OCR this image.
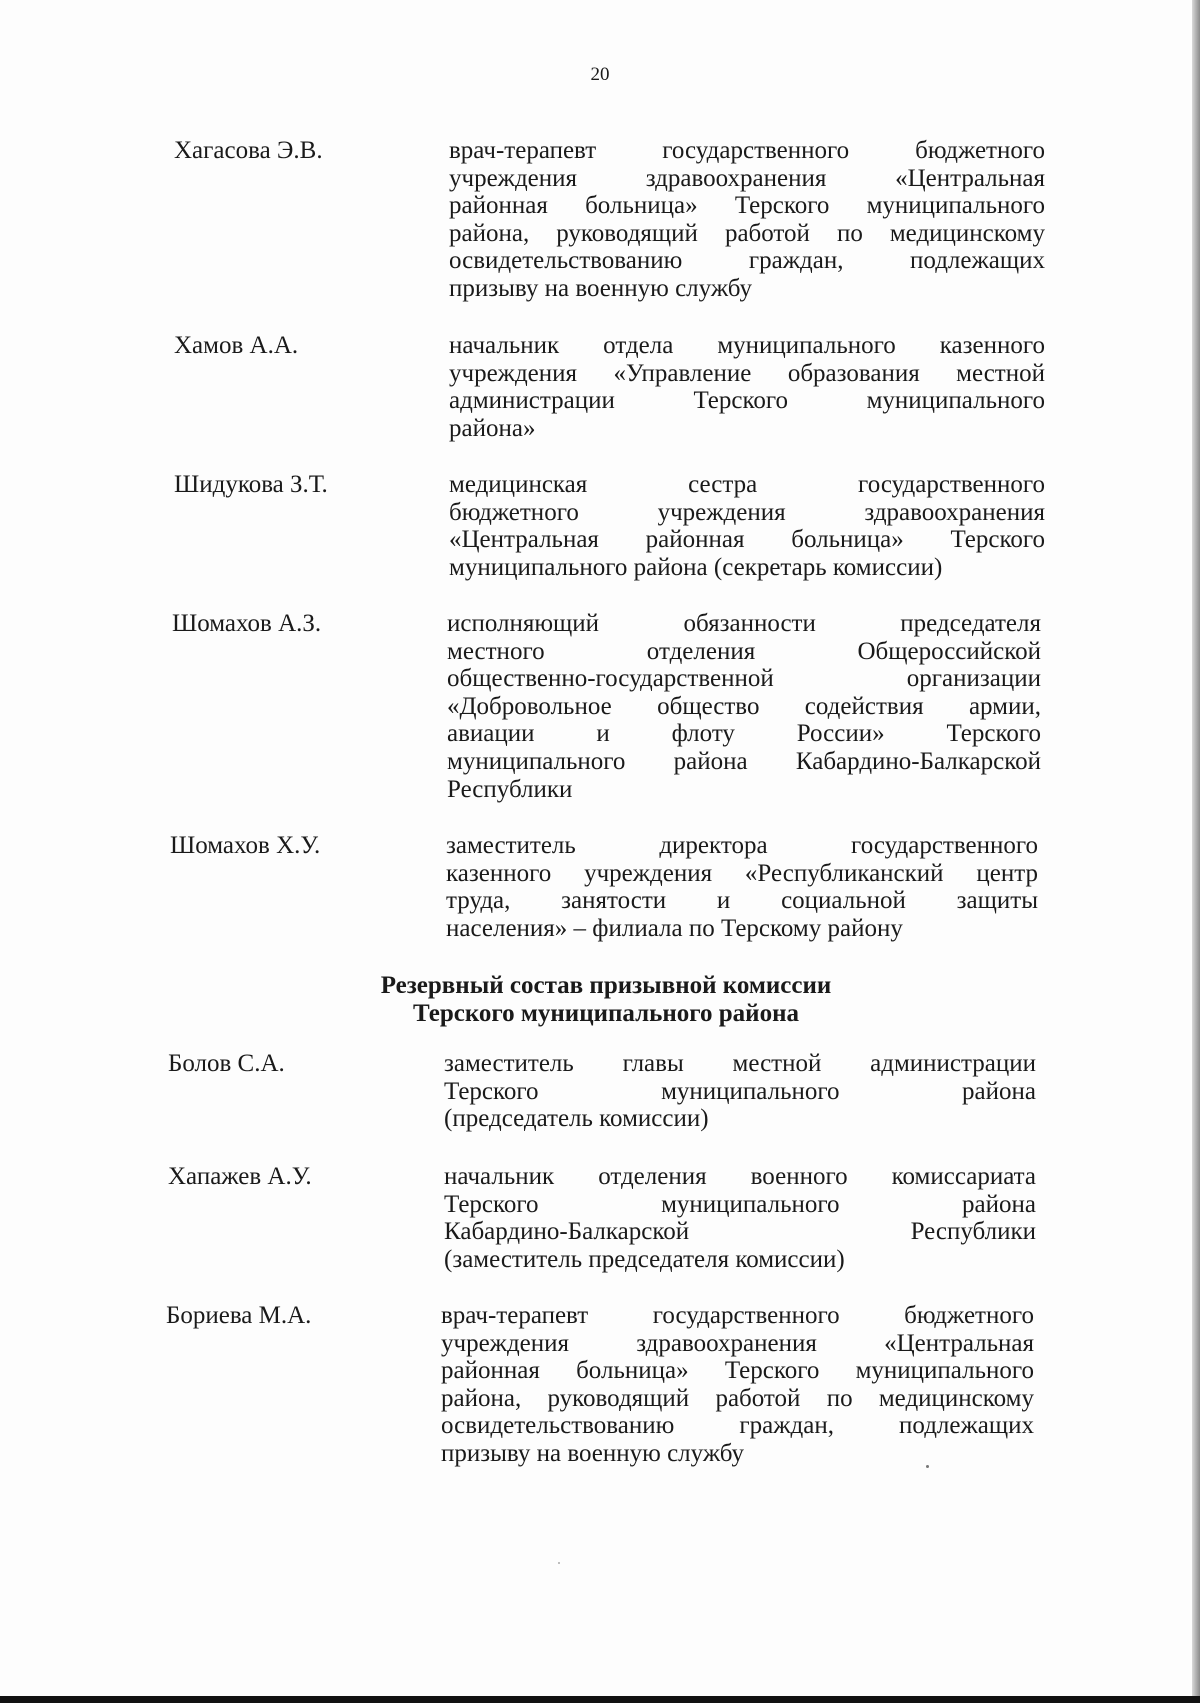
20
Хагасова Э.В.	врач-терапевт государственного бюджетного
учреждения здравоохранения «Центральная
районная больница» Терского муниципального
района, руководящий работой по медицинскому
освидетельствованию граждан, подлежащих
призыву на военную службу
Хамов А.А.	начальник отдела муниципального казенного
учреждения «Управление образования местной
администрации Терского муниципального
района»
Шидукова З.Т.	медицинская сестра государственного
бюджетного учреждения здравоохранения
«Центральная районная больница» Терского
муниципального района (секретарь комиссии)
Шомахов А.З.	исполняющий обязанности председателя
местного отделения Общероссийской
общественно-государственной организации
«Добровольное общество содействия армии,
авиации и флоту России» Терского
муниципального района Кабардино-Балкарской
Республики
Шомахов Х.У.	заместитель директора государственного
казенного учреждения «Республиканский центр
труда, занятости и социальной защиты
населения» – филиала по Терскому району
Резервный состав призывной комиссии
Терского муниципального района
Болов С.А.	заместитель главы местной администрации
Терского муниципального района
(председатель комиссии)
Хапажев А.У.	начальник отделения военного комиссариата
Терского муниципального района
Кабардино-Балкарской Республики
(заместитель председателя комиссии)
Бориева М.А.	врач-терапевт государственного бюджетного
учреждения здравоохранения «Центральная
районная больница» Терского муниципального
района, руководящий работой по медицинскому
освидетельствованию граждан, подлежащих
призыву на военную службу
